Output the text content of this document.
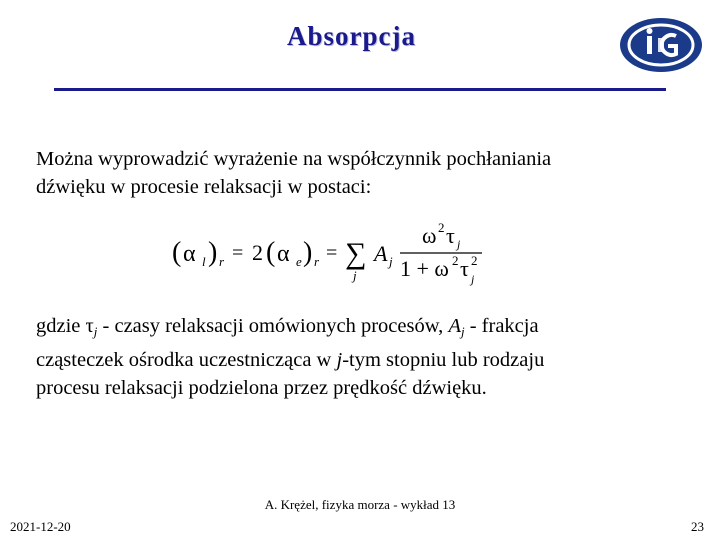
Absorpcja
Można wyprowadzić wyrażenie na współczynnik pochłaniania
dźwięku w procesie relaksacji w postaci:
( α l ) r = 2 ( α e ) r = ∑
j
A j
ω 2 τ j
1 + ω 2 τ 2
j
gdzie $\tau_j$ - czasy relaksacji omówionych procesów, $A_j$ - frakcja
cząsteczek ośrodka uczestnicząca w j-tym stopniu lub rodzaju
procesu relaksacji podzielona przez prędkość dźwięku.
A. Krężel, fizyka morza - wykład 13
2021-12-20	23
